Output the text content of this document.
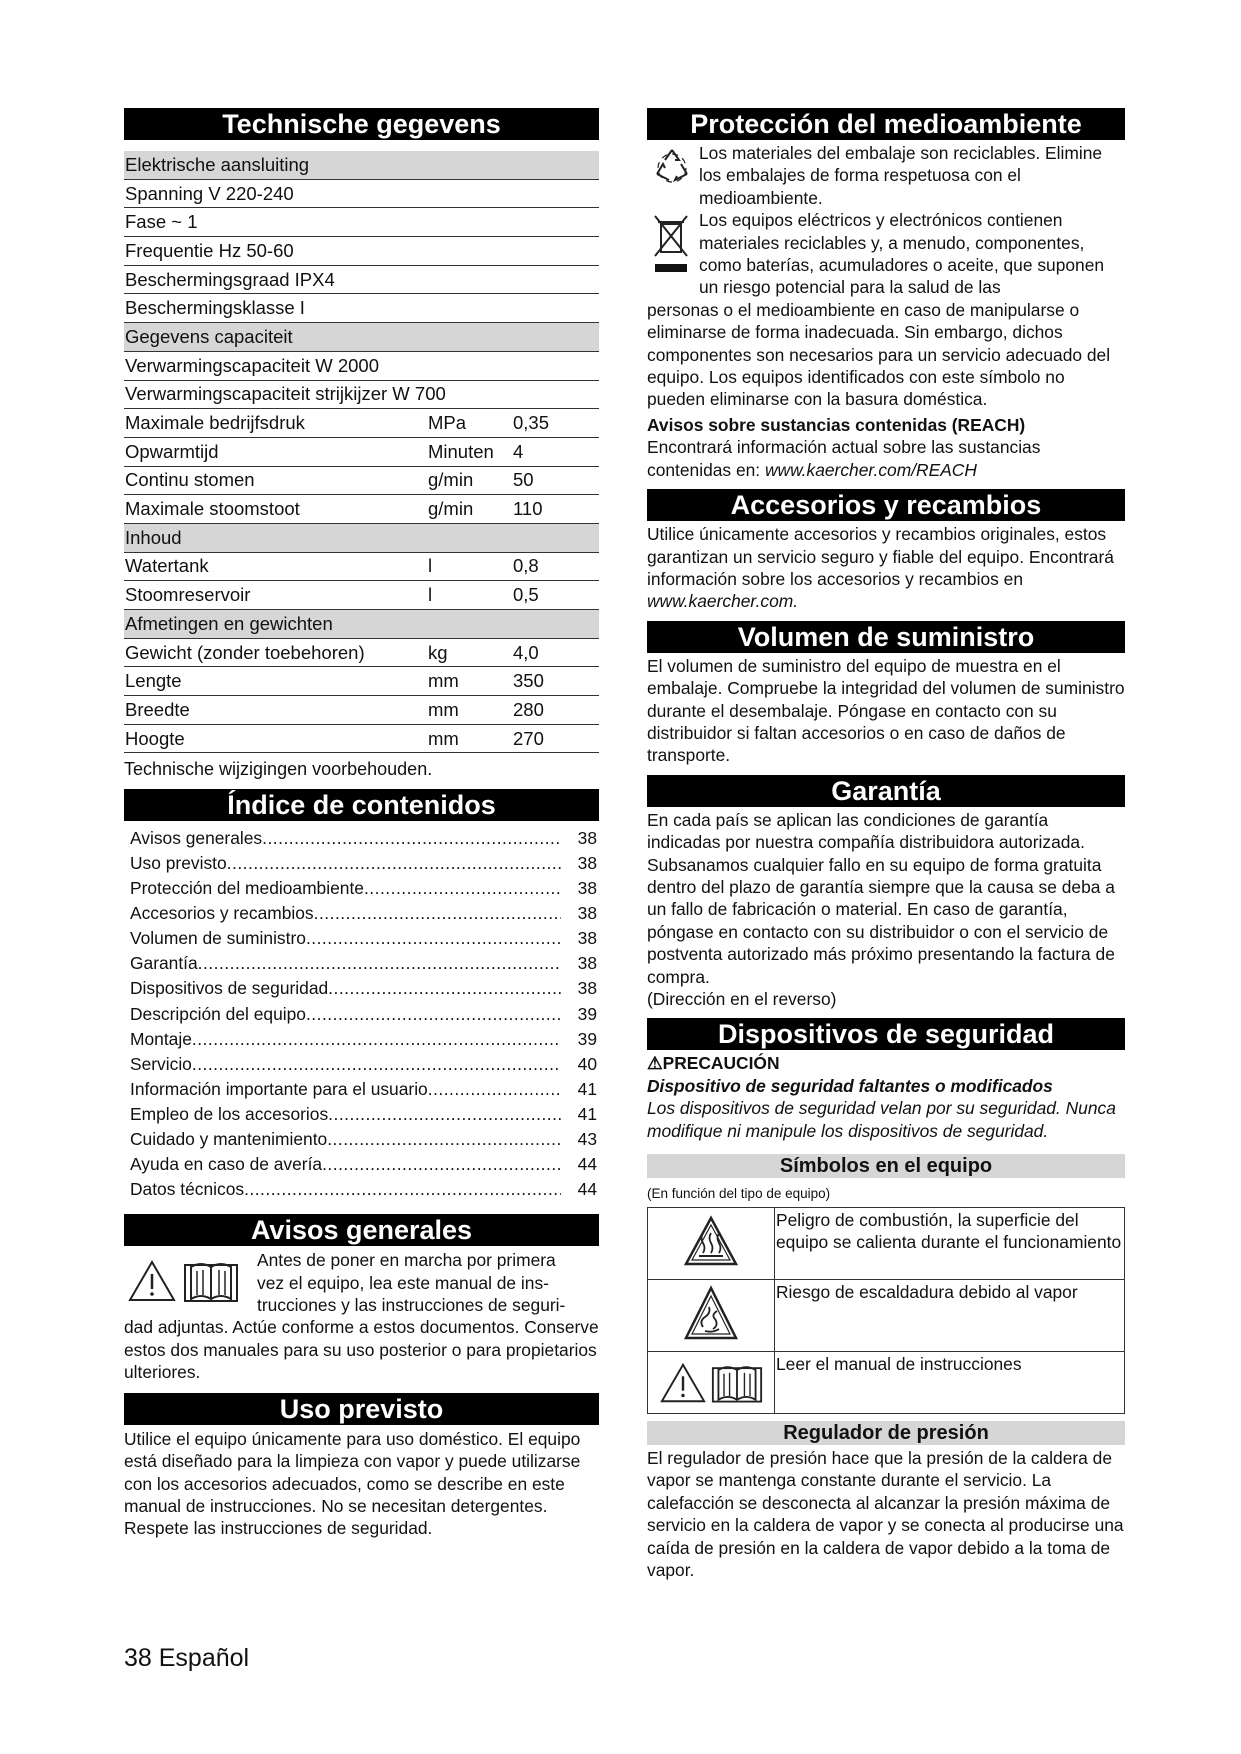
Technische gegevens
Elektrische aansluiting		
Spanning V 220-240		
Fase ~ 1		
Frequentie Hz 50-60		
Beschermingsgraad IPX4		
Beschermingsklasse I		
Gegevens capaciteit		
Verwarmingscapaciteit W 2000		
Verwarmingscapaciteit strijkijzer W 700		
Maximale bedrijfsdruk	MPa	0,35
Opwarmtijd	Minuten	4
Continu stomen	g/min	50
Maximale stoomstoot	g/min	110
Inhoud		
Watertank	l	0,8
Stoomreservoir	l	0,5
Afmetingen en gewichten		
Gewicht (zonder toebehoren)	kg	4,0
Lengte	mm	350
Breedte	mm	280
Hoogte	mm	270
Technische wijzigingen voorbehouden.
Índice de contenidos
Avisos generales .....	38
Uso previsto .....	38
Protección del medioambiente .....	38
Accesorios y recambios .....	38
Volumen de suministro .....	38
Garantía .....	38
Dispositivos de seguridad .....	38
Descripción del equipo .....	39
Montaje .....	39
Servicio .....	40
Información importante para el usuario .....	41
Empleo de los accesorios .....	41
Cuidado y mantenimiento .....	43
Ayuda en caso de avería .....	44
Datos técnicos .....	44
Avisos generales
Antes de poner en marcha por primera
vez el equipo, lea este manual de ins-
trucciones y las instrucciones de seguri-
dad adjuntas. Actúe conforme a estos documentos. Conserve estos dos manuales para su uso posterior o para propietarios ulteriores.
Uso previsto
Utilice el equipo únicamente para uso doméstico. El equipo está diseñado para la limpieza con vapor y puede utilizarse con los accesorios adecuados, como se describe en este manual de instrucciones. No se necesitan detergentes. Respete las instrucciones de seguridad.
38 Español
Protección del medioambiente
Los materiales del embalaje son reciclables. Elimine los embalajes de forma respetuosa con el medioambiente.
Los equipos eléctricos y electrónicos contienen materiales reciclables y, a menudo, componentes, como baterías, acumuladores o aceite, que suponen un riesgo potencial para la salud de las
personas o el medioambiente en caso de manipularse o eliminarse de forma inadecuada. Sin embargo, dichos componentes son necesarios para un servicio adecuado del equipo. Los equipos identificados con este símbolo no pueden eliminarse con la basura doméstica.
Avisos sobre sustancias contenidas (REACH)
Encontrará información actual sobre las sustancias contenidas en: www.kaercher.com/REACH
Accesorios y recambios
Utilice únicamente accesorios y recambios originales, estos garantizan un servicio seguro y fiable del equipo. Encontrará información sobre los accesorios y recambios en www.kaercher.com.
Volumen de suministro
El volumen de suministro del equipo de muestra en el embalaje. Compruebe la integridad del volumen de suministro durante el desembalaje. Póngase en contacto con su distribuidor si faltan accesorios o en caso de daños de transporte.
Garantía
En cada país se aplican las condiciones de garantía indicadas por nuestra compañía distribuidora autorizada. Subsanamos cualquier fallo en su equipo de forma gratuita dentro del plazo de garantía siempre que la causa se deba a un fallo de fabricación o material. En caso de garantía, póngase en contacto con su distribuidor o con el servicio de postventa autorizado más próximo presentando la factura de compra.
(Dirección en el reverso)
Dispositivos de seguridad
⚠PRECAUCIÓN
Dispositivo de seguridad faltantes o modificados
Los dispositivos de seguridad velan por su seguridad. Nunca modifique ni manipule los dispositivos de seguridad.
Símbolos en el equipo
(En función del tipo de equipo)
	Peligro de combustión, la superficie del equipo se calienta durante el funcionamiento
	Riesgo de escaldadura debido al vapor
	Leer el manual de instrucciones
Regulador de presión
El regulador de presión hace que la presión de la caldera de vapor se mantenga constante durante el servicio. La calefacción se desconecta al alcanzar la presión máxima de servicio en la caldera de vapor y se conecta al producirse una caída de presión en la caldera de vapor debido a la toma de vapor.
